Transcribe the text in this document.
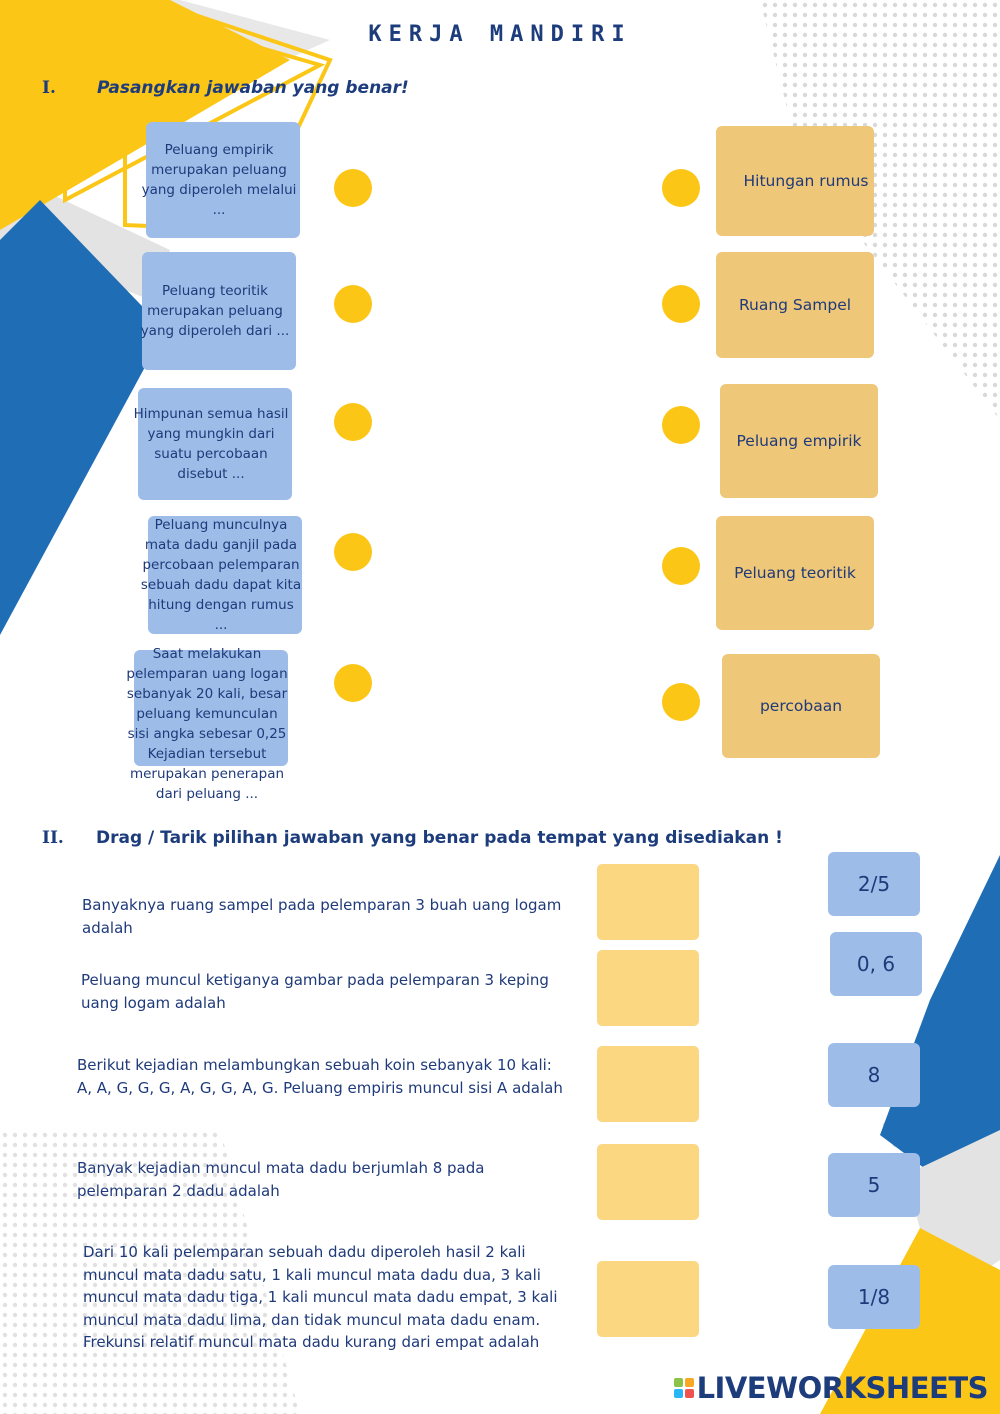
KERJA MANDIRI
I. Pasangkan jawaban yang benar!
Peluang empirik merupakan peluang yang diperoleh melalui ...
Peluang teoritik merupakan peluang yang diperoleh dari ...
Himpunan semua hasil yang mungkin dari suatu percobaan disebut ...
Peluang munculnya mata dadu ganjil pada percobaan pelemparan sebuah dadu dapat kita hitung dengan rumus ...
Saat melakukan pelemparan uang logan sebanyak 20 kali, besar peluang kemunculan sisi angka sebesar 0,25 Kejadian tersebut merupakan penerapan dari peluang ...
Hitungan rumus
Ruang Sampel
Peluang empirik
Peluang teoritik
percobaan
II. Drag / Tarik pilihan jawaban yang benar pada tempat yang disediakan !
Banyaknya ruang sampel pada pelemparan 3 buah uang logam adalah
Peluang muncul ketiganya gambar pada pelemparan 3 keping uang logam adalah
Berikut kejadian melambungkan sebuah koin sebanyak 10 kali: A, A, G, G, G, A, G, G, A, G. Peluang empiris muncul sisi A adalah
Banyak kejadian muncul mata dadu berjumlah 8 pada pelemparan 2 dadu adalah
Dari 10 kali pelemparan sebuah dadu diperoleh hasil 2 kali muncul mata dadu satu, 1 kali muncul mata dadu dua, 3 kali muncul mata dadu tiga, 1 kali muncul mata dadu empat, 3 kali muncul mata dadu lima, dan tidak muncul mata dadu enam. Frekunsi relatif muncul mata dadu kurang dari empat adalah
2/5
0, 6
8
5
1/8
LIVEWORKSHEETS
